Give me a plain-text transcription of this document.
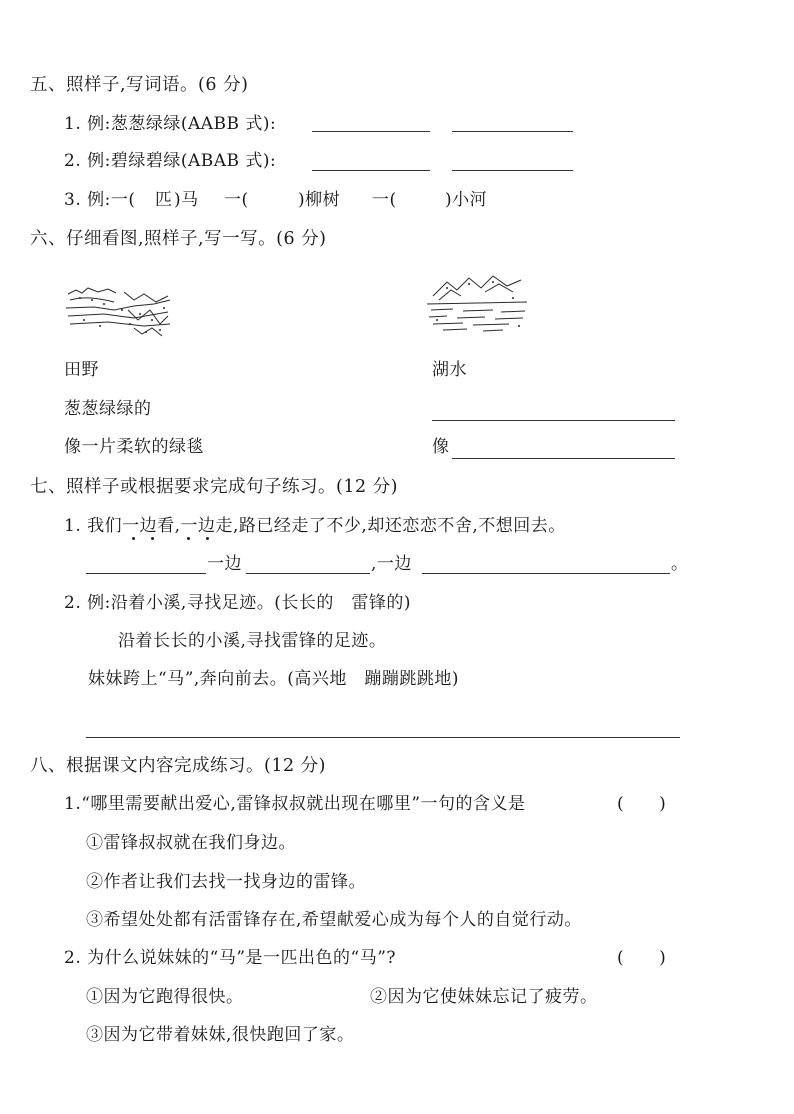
五、照样子,写词语。(6 分)
1. 例:葱葱绿绿(AABB 式):
2. 例:碧绿碧绿(ABAB 式):
3. 例:一( 匹 )马 一(	)柳树 一(	)小河
六、仔细看图,照样子,写一写。(6 分)
田野	湖水
葱葱绿绿的
像一片柔软的绿毯	像
七、照样子或根据要求完成句子练习。(12 分)
1. 我们一边看,一边走,路已经走了不少,却还恋恋不舍,不想回去。
一边	,一边	。
2. 例:沿着小溪,寻找足迹。(长长的　雷锋的)
沿着长长的小溪,寻找雷锋的足迹。
妹妹跨上“马”,奔向前去。(高兴地　蹦蹦跳跳地)
八、根据课文内容完成练习。(12 分)
1.“哪里需要献出爱心,雷锋叔叔就出现在哪里”一句的含义是	(　　)
①雷锋叔叔就在我们身边。
②作者让我们去找一找身边的雷锋。
③希望处处都有活雷锋存在,希望献爱心成为每个人的自觉行动。
2. 为什么说妹妹的“马”是一匹出色的“马”?	(　　)
①因为它跑得很快。	②因为它使妹妹忘记了疲劳。
③因为它带着妹妹,很快跑回了家。
